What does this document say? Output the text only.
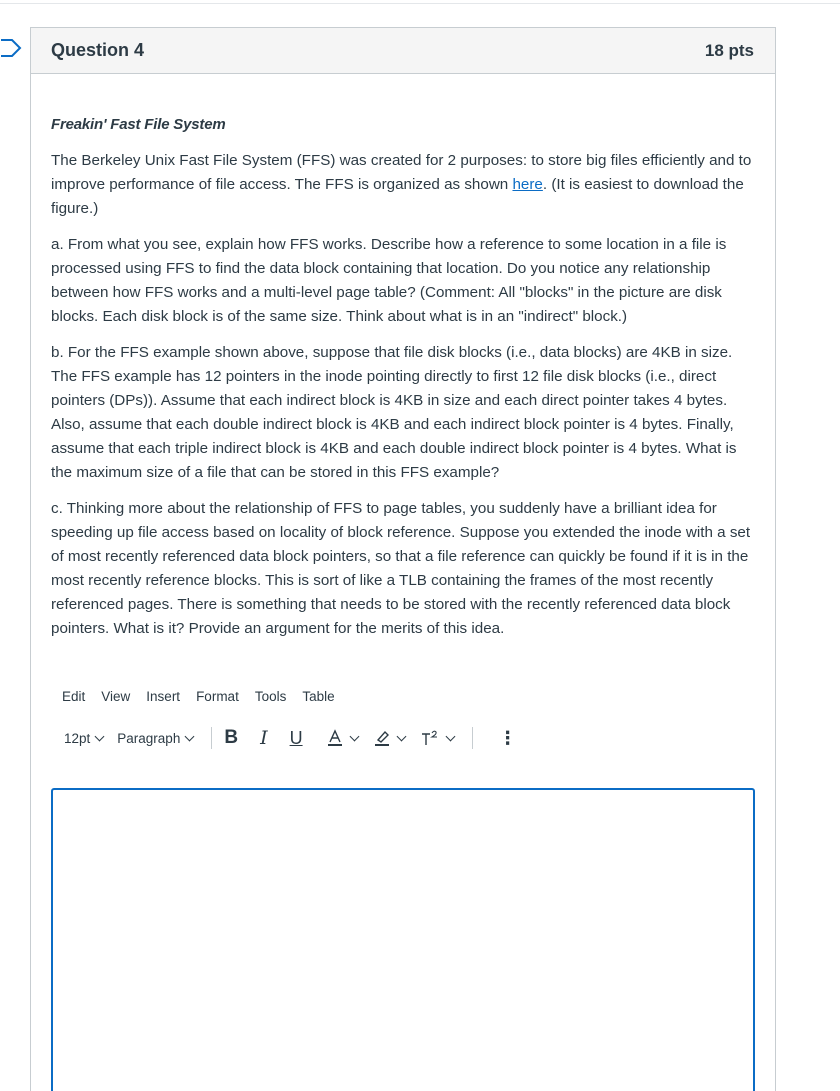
Question 4	18 pts
Freakin' Fast File System

The Berkeley Unix Fast File System (FFS) was created for 2 purposes: to store big files efficiently and to improve performance of file access. The FFS is organized as shown here. (It is easiest to download the figure.)

a. From what you see, explain how FFS works. Describe how a reference to some location in a file is processed using FFS to find the data block containing that location. Do you notice any relationship between how FFS works and a multi-level page table? (Comment: All "blocks" in the picture are disk blocks. Each disk block is of the same size. Think about what is in an "indirect" block.)

b. For the FFS example shown above, suppose that file disk blocks (i.e., data blocks) are 4KB in size. The FFS example has 12 pointers in the inode pointing directly to first 12 file disk blocks (i.e., direct pointers (DPs)). Assume that each indirect block is 4KB in size and each direct pointer takes 4 bytes. Also, assume that each double indirect block is 4KB and each indirect block pointer is 4 bytes. Finally, assume that each triple indirect block is 4KB and each double indirect block pointer is 4 bytes. What is the maximum size of a file that can be stored in this FFS example?

c. Thinking more about the relationship of FFS to page tables, you suddenly have a brilliant idea for speeding up file access based on locality of block reference. Suppose you extended the inode with a set of most recently referenced data block pointers, so that a file reference can quickly be found if it is in the most recently reference blocks. This is sort of like a TLB containing the frames of the most recently referenced pages. There is something that needs to be stored with the recently referenced data block pointers. What is it? Provide an argument for the merits of this idea.

Edit View Insert Format Tools Table
12pt Paragraph B I U	⋮
